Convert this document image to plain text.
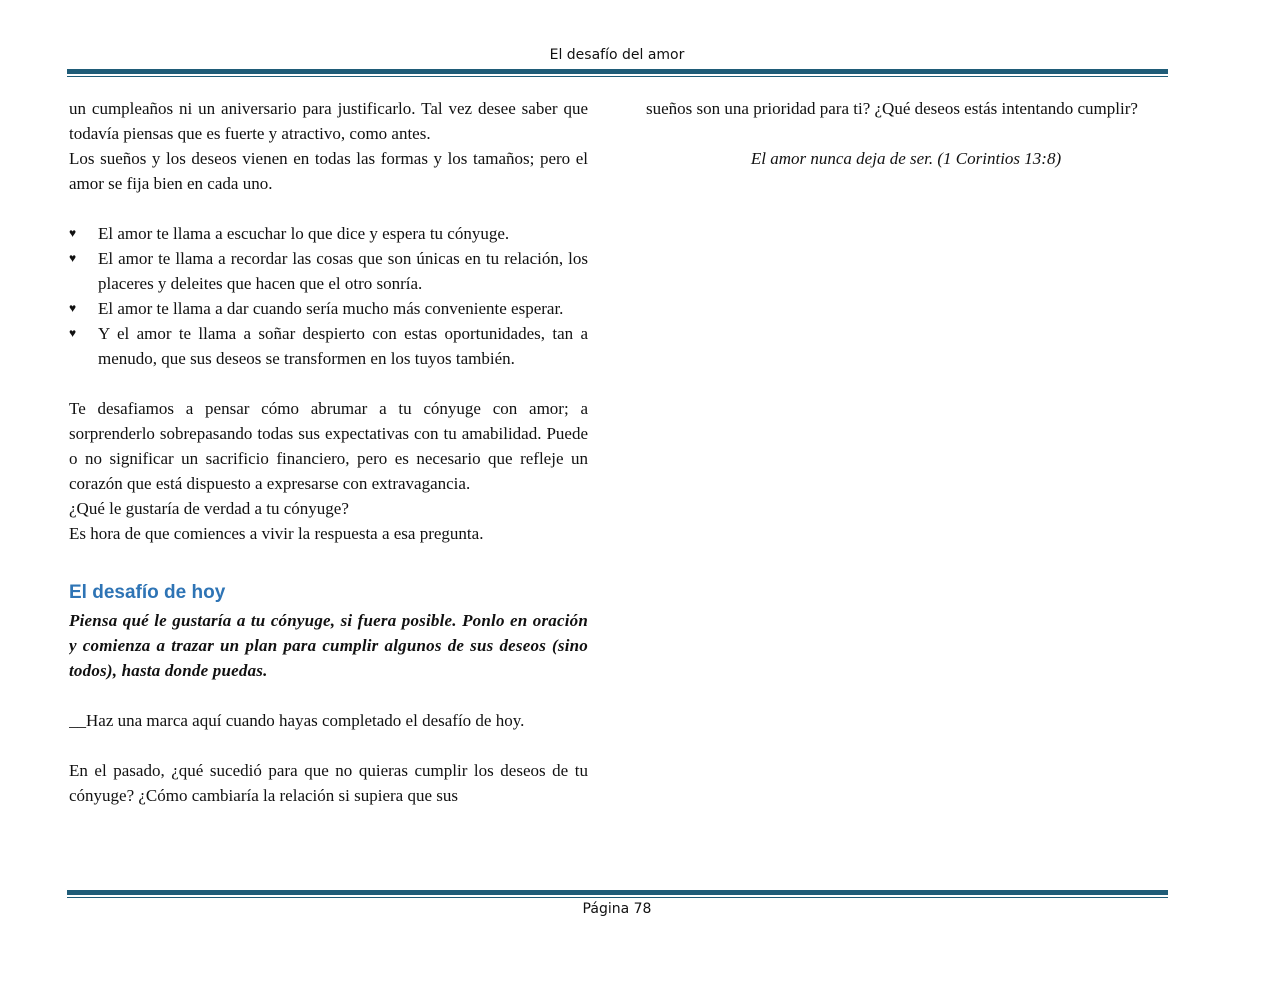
El desafío del amor

un cumpleaños ni un aniversario para justificarlo. Tal vez desee saber que todavía piensas que es fuerte y atractivo, como antes.

Los sueños y los deseos vienen en todas las formas y los tamaños; pero el amor se fija bien en cada uno.

♥ El amor te llama a escuchar lo que dice y espera tu cónyuge.
♥ El amor te llama a recordar las cosas que son únicas en tu relación, los placeres y deleites que hacen que el otro sonría.
♥ El amor te llama a dar cuando sería mucho más conveniente esperar.
♥ Y el amor te llama a soñar despierto con estas oportunidades, tan a menudo, que sus deseos se transformen en los tuyos también.

Te desafiamos a pensar cómo abrumar a tu cónyuge con amor; a sorprenderlo sobrepasando todas sus expectativas con tu amabilidad. Puede o no significar un sacrificio financiero, pero es necesario que refleje un corazón que está dispuesto a expresarse con extravagancia.

¿Qué le gustaría de verdad a tu cónyuge?

Es hora de que comiences a vivir la respuesta a esa pregunta.

El desafío de hoy

Piensa qué le gustaría a tu cónyuge, si fuera posible. Ponlo en oración y comienza a trazar un plan para cumplir algunos de sus deseos (sino todos), hasta donde puedas.

__Haz una marca aquí cuando hayas completado el desafío de hoy.

En el pasado, ¿qué sucedió para que no quieras cumplir los deseos de tu cónyuge? ¿Cómo cambiaría la relación si supiera que sus

sueños son una prioridad para ti? ¿Qué deseos estás intentando cumplir?

El amor nunca deja de ser. (1 Corintios 13:8)

Página 78
